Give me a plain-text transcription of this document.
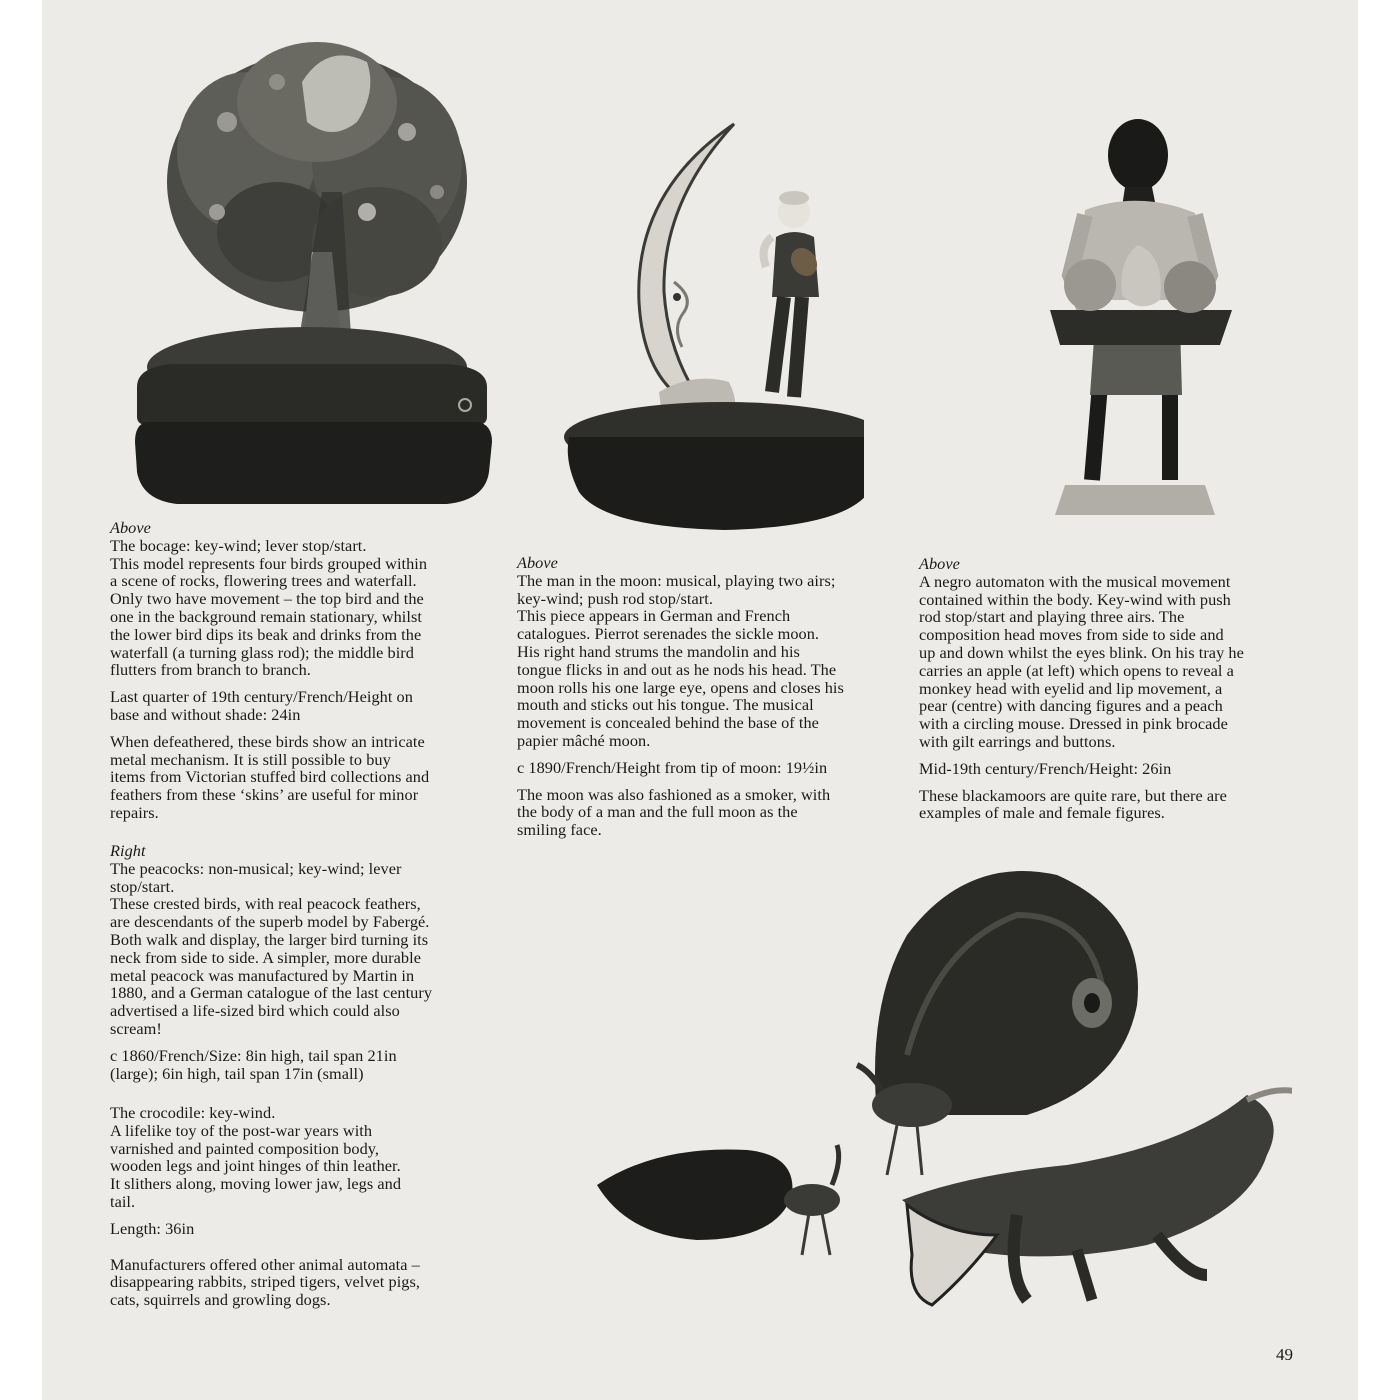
Above

The bocage: key-wind; lever stop/start.

This model represents four birds grouped within

a scene of rocks, flowering trees and waterfall.

Only two have movement – the top bird and the

one in the background remain stationary, whilst

the lower bird dips its beak and drinks from the

waterfall (a turning glass rod); the middle bird

flutters from branch to branch.

Last quarter of 19th century/French/Height on

base and without shade: 24in

When defeathered, these birds show an intricate

metal mechanism. It is still possible to buy

items from Victorian stuffed bird collections and

feathers from these ‘skins’ are useful for minor

repairs.

Right

The peacocks: non-musical; key-wind; lever

stop/start.

These crested birds, with real peacock feathers,

are descendants of the superb model by Fabergé.

Both walk and display, the larger bird turning its

neck from side to side. A simpler, more durable

metal peacock was manufactured by Martin in

1880, and a German catalogue of the last century

advertised a life-sized bird which could also

scream!

c 1860/French/Size: 8in high, tail span 21in

(large); 6in high, tail span 17in (small)

The crocodile: key-wind.

A lifelike toy of the post-war years with

varnished and painted composition body,

wooden legs and joint hinges of thin leather.

It slithers along, moving lower jaw, legs and

tail.

Length: 36in

Manufacturers offered other animal automata –

disappearing rabbits, striped tigers, velvet pigs,

cats, squirrels and growling dogs.

Above

The man in the moon: musical, playing two airs;

key-wind; push rod stop/start.

This piece appears in German and French

catalogues. Pierrot serenades the sickle moon.

His right hand strums the mandolin and his

tongue flicks in and out as he nods his head. The

moon rolls his one large eye, opens and closes his

mouth and sticks out his tongue. The musical

movement is concealed behind the base of the

papier mâché moon.

c 1890/French/Height from tip of moon: 19½in

The moon was also fashioned as a smoker, with

the body of a man and the full moon as the

smiling face.

Above

A negro automaton with the musical movement

contained within the body. Key-wind with push

rod stop/start and playing three airs. The

composition head moves from side to side and

up and down whilst the eyes blink. On his tray he

carries an apple (at left) which opens to reveal a

monkey head with eyelid and lip movement, a

pear (centre) with dancing figures and a peach

with a circling mouse. Dressed in pink brocade

with gilt earrings and buttons.

Mid-19th century/French/Height: 26in

These blackamoors are quite rare, but there are

examples of male and female figures.

49
